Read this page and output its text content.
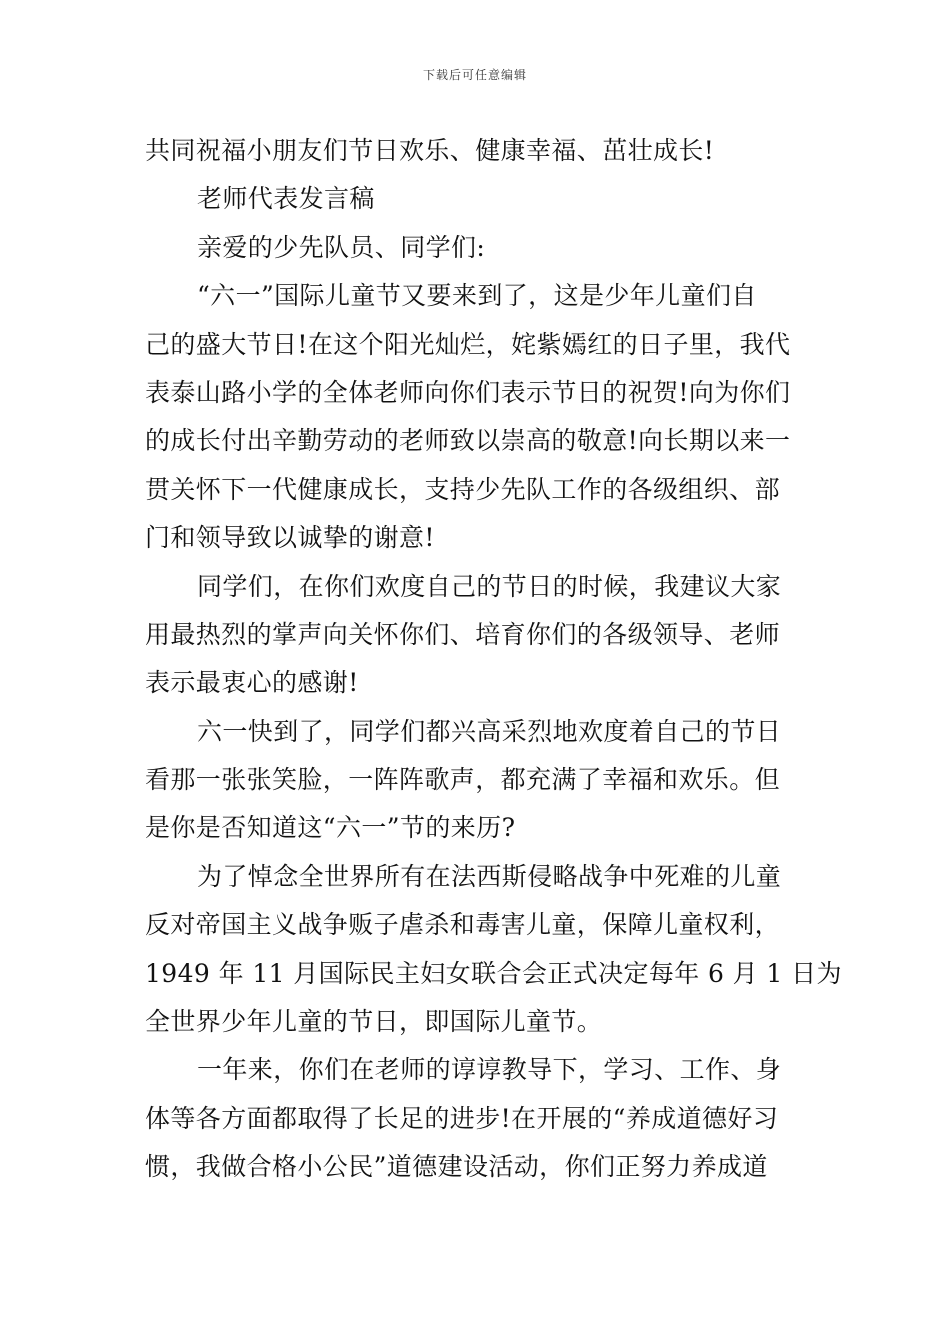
下载后可任意编辑
共同祝福小朋友们节日欢乐、健康幸福、茁壮成长!
老师代表发言稿
亲爱的少先队员、同学们:
“六一”国际儿童节又要来到了，这是少年儿童们自
己的盛大节日!在这个阳光灿烂，姹紫嫣红的日子里，我代
表泰山路小学的全体老师向你们表示节日的祝贺!向为你们
的成长付出辛勤劳动的老师致以崇高的敬意!向长期以来一
贯关怀下一代健康成长，支持少先队工作的各级组织、部
门和领导致以诚挚的谢意!
同学们，在你们欢度自己的节日的时候，我建议大家
用最热烈的掌声向关怀你们、培育你们的各级领导、老师
表示最衷心的感谢!
六一快到了，同学们都兴高采烈地欢度着自己的节日
看那一张张笑脸，一阵阵歌声，都充满了幸福和欢乐。但
是你是否知道这“六一”节的来历?
为了悼念全世界所有在法西斯侵略战争中死难的儿童
反对帝国主义战争贩子虐杀和毒害儿童，保障儿童权利，
1949 年 11 月国际民主妇女联合会正式决定每年 6 月 1 日为
全世界少年儿童的节日，即国际儿童节。
一年来，你们在老师的谆谆教导下，学习、工作、身
体等各方面都取得了长足的进步!在开展的“养成道德好习
惯，我做合格小公民”道德建设活动，你们正努力养成道
